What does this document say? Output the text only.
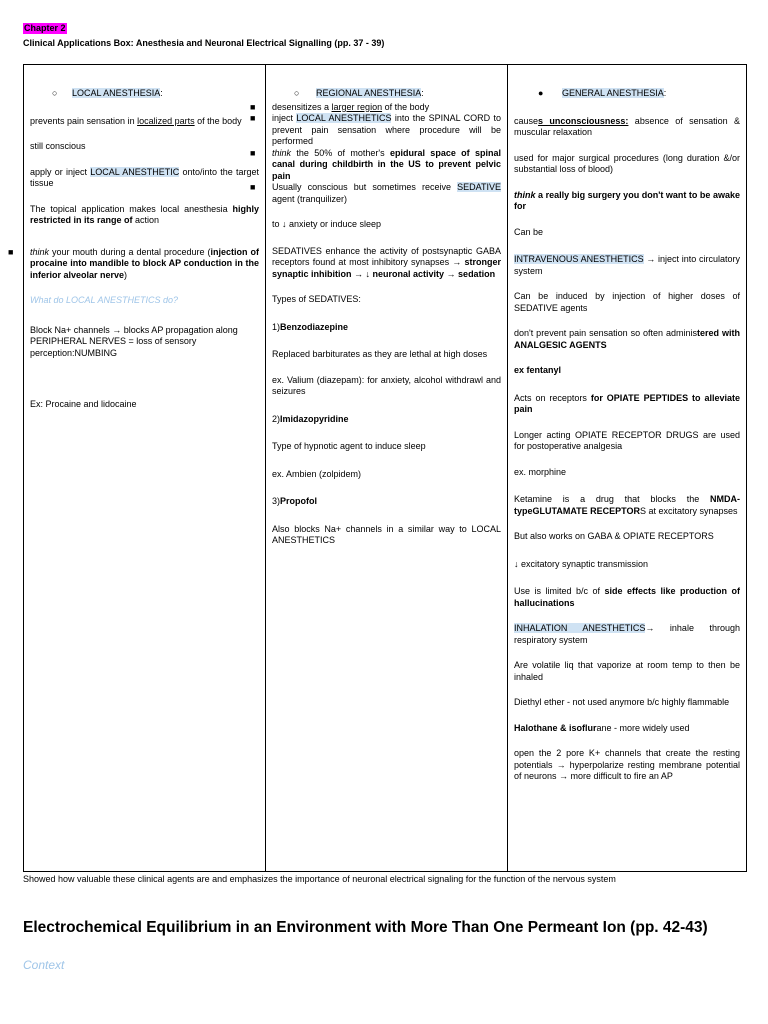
Chapter 2
Clinical Applications Box: Anesthesia and Neuronal Electrical Signalling (pp. 37 - 39)
○ LOCAL ANESTHESIA:

prevents pain sensation in localized parts of the body

still conscious

apply or inject LOCAL ANESTHETIC onto/into the target tissue

The topical application makes local anesthesia highly restricted in its range of action

■ think your mouth during a dental procedure (injection of procaine into mandible to block AP conduction in the inferior alveolar nerve)

What do LOCAL ANESTHETICS do?

Block Na+ channels → blocks AP propagation along PERIPHERAL NERVES = loss of sensory perception:NUMBING

Ex: Procaine and lidocaine

○ REGIONAL ANESTHESIA:
■ desensitizes a larger region of the body
■ inject LOCAL ANESTHETICS into the SPINAL CORD to prevent pain sensation where procedure will be performed
■ think the 50% of mother's epidural space of spinal canal during childbirth in the US to prevent pelvic pain
■ Usually conscious but sometimes receive SEDATIVE agent (tranquilizer)

to ↓ anxiety or induce sleep

SEDATIVES enhance the activity of postsynaptic GABA receptors found at most inhibitory synapses → stronger synaptic inhibition → ↓ neuronal activity → sedation

Types of SEDATIVES:

1)Benzodiazepine

Replaced barbiturates as they are lethal at high doses

ex. Valium (diazepam): for anxiety, alcohol withdrawl and seizures

2)Imidazopyridine

Type of hypnotic agent to induce sleep

ex. Ambien (zolpidem)

3)Propofol

Also blocks Na+ channels in a similar way to LOCAL ANESTHETICS

● GENERAL ANESTHESIA:

causes unconsciousness: absence of sensation & muscular relaxation

used for major surgical procedures (long duration &/or substantial loss of blood)

think a really big surgery you don't want to be awake for

Can be

INTRAVENOUS ANESTHETICS → inject into circulatory system

Can be induced by injection of higher doses of SEDATIVE agents

don't prevent pain sensation so often administered with ANALGESIC AGENTS

ex fentanyl

Acts on receptors for OPIATE PEPTIDES to alleviate pain

Longer acting OPIATE RECEPTOR DRUGS are used for postoperative analgesia

ex. morphine

Ketamine is a drug that blocks the NMDA-typeGLUTAMATE RECEPTORS at excitatory synapses

But also works on GABA & OPIATE RECEPTORS

↓ excitatory synaptic transmission

Use is limited b/c of side effects like production of hallucinations

INHALATION ANESTHETICS→ inhale through respiratory system

Are volatile liq that vaporize at room temp to then be inhaled

Diethyl ether - not used anymore b/c highly flammable

Halothane & isoflurane - more widely used

open the 2 pore K+ channels that create the resting potentials → hyperpolarize resting membrane potential of neurons → more difficult to fire an AP

Showed how valuable these clinical agents are and emphasizes the importance of neuronal electrical signaling for the function of the nervous system
Electrochemical Equilibrium in an Environment with More Than One Permeant Ion (pp. 42-43)
Context
